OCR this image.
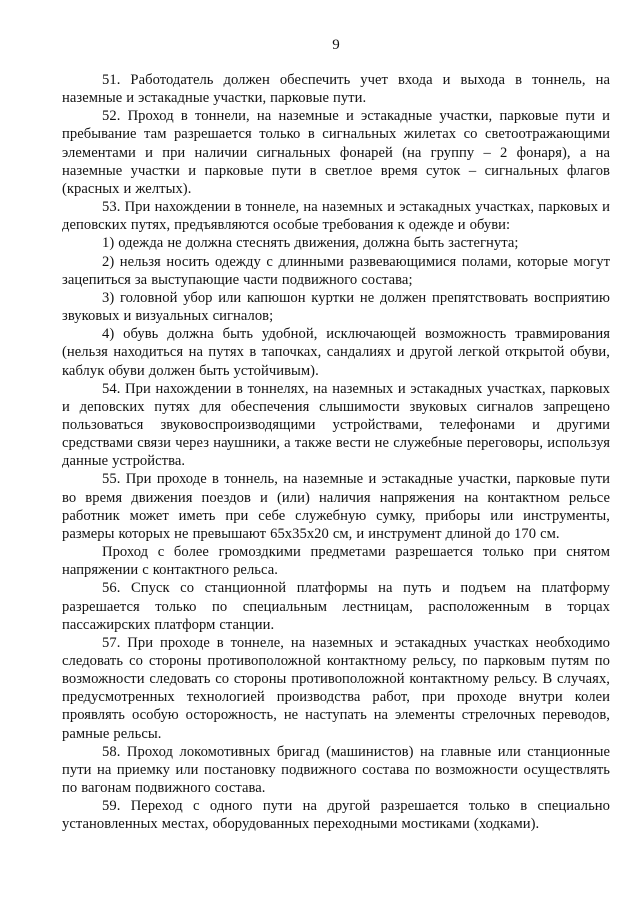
9

51. Работодатель должен обеспечить учет входа и выхода в тоннель, на наземные и эстакадные участки, парковые пути.

52. Проход в тоннели, на наземные и эстакадные участки, парковые пути и пребывание там разрешается только в сигнальных жилетах со светоотражающими элементами и при наличии сигнальных фонарей (на группу – 2 фонаря), а на наземные участки и парковые пути в светлое время суток – сигнальных флагов (красных и желтых).

53. При нахождении в тоннеле, на наземных и эстакадных участках, парковых и деповских путях, предъявляются особые требования к одежде и обуви:

1) одежда не должна стеснять движения, должна быть застегнута;

2) нельзя носить одежду с длинными развевающимися полами, которые могут зацепиться за выступающие части подвижного состава;

3) головной убор или капюшон куртки не должен препятствовать восприятию звуковых и визуальных сигналов;

4) обувь должна быть удобной, исключающей возможность травмирования (нельзя находиться на путях в тапочках, сандалиях и другой легкой открытой обуви, каблук обуви должен быть устойчивым).

54. При нахождении в тоннелях, на наземных и эстакадных участках, парковых и деповских путях для обеспечения слышимости звуковых сигналов запрещено пользоваться звуковоспроизводящими устройствами, телефонами и другими средствами связи через наушники, а также вести не служебные переговоры, используя данные устройства.

55. При проходе в тоннель, на наземные и эстакадные участки, парковые пути во время движения поездов и (или) наличия напряжения на контактном рельсе работник может иметь при себе служебную сумку, приборы или инструменты, размеры которых не превышают 65х35х20 см, и инструмент длиной до 170 см.

Проход с более громоздкими предметами разрешается только при снятом напряжении с контактного рельса.

56. Спуск со станционной платформы на путь и подъем на платформу разрешается только по специальным лестницам, расположенным в торцах пассажирских платформ станции.

57. При проходе в тоннеле, на наземных и эстакадных участках необходимо следовать со стороны противоположной контактному рельсу, по парковым путям по возможности следовать со стороны противоположной контактному рельсу. В случаях, предусмотренных технологией производства работ, при проходе внутри колеи проявлять особую осторожность, не наступать на элементы стрелочных переводов, рамные рельсы.

58. Проход локомотивных бригад (машинистов) на главные или станционные пути на приемку или постановку подвижного состава по возможности осуществлять по вагонам подвижного состава.

59. Переход с одного пути на другой разрешается только в специально установленных местах, оборудованных переходными мостиками (ходками).
